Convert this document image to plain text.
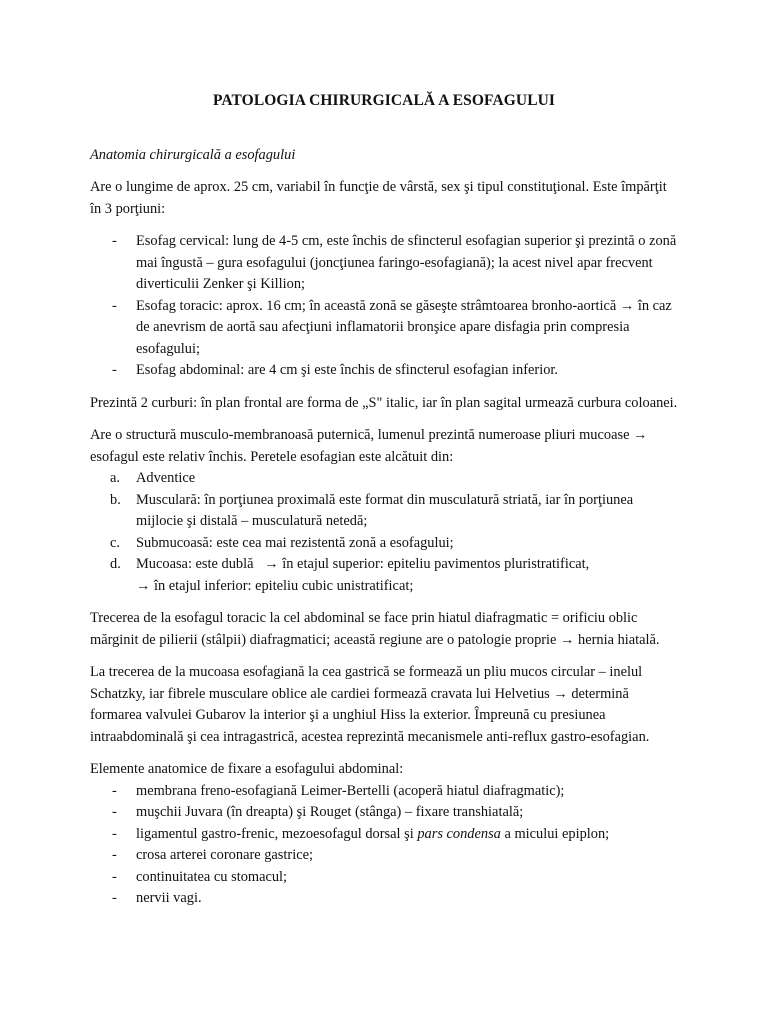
PATOLOGIA CHIRURGICALĂ A ESOFAGULUI
Anatomia chirurgicală a esofagului

Are o lungime de aprox. 25 cm, variabil în funcţie de vârstă, sex şi tipul constituţional. Este împărţit în 3 porţiuni:

- Esofag cervical: lung de 4-5 cm, este închis de sfincterul esofagian superior şi prezintă o zonă mai îngustă – gura esofagului (joncţiunea faringo-esofagiană); la acest nivel apar frecvent diverticulii Zenker şi Killion;
- Esofag toracic: aprox. 16 cm; în această zonă se găseşte strâmtoarea bronho-aortică → în caz de anevrism de aortă sau afecţiuni inflamatorii bronşice apare disfagia prin compresia esofagului;
- Esofag abdominal: are 4 cm şi este închis de sfincterul esofagian inferior.

Prezintă 2 curburi: în plan frontal are forma de „S" italic, iar în plan sagital urmează curbura coloanei.

Are o structură musculo-membranoasă puternică, lumenul prezintă numeroase pliuri mucoase → esofagul este relativ închis. Peretele esofagian este alcătuit din:

a. Adventice
b. Musculară: în porţiunea proximală este format din musculatură striată, iar în porţiunea mijlocie şi distală – musculatură netedă;
c. Submucoasă: este cea mai rezistentă zonă a esofagului;
d. Mucoasa: este dublă   → în etajul superior: epiteliu pavimentos pluristratificat,
→ în etajul inferior: epiteliu cubic unistratificat;

Trecerea de la esofagul toracic la cel abdominal se face prin hiatul diafragmatic = orificiu oblic mărginit de pilierii (stâlpii) diafragmatici; această regiune are o patologie proprie → hernia hiatală.

La trecerea de la mucoasa esofagiană la cea gastrică se formează un pliu mucos circular – inelul Schatzky, iar fibrele musculare oblice ale cardiei formează cravata lui Helvetius → determină formarea valvulei Gubarov la interior şi a unghiul Hiss la exterior. Împreună cu presiunea intraabdominală şi cea intragastrică, acestea reprezintă mecanismele anti-reflux gastro-esofagian.

Elemente anatomice de fixare a esofagului abdominal:

- membrana freno-esofagiană Leimer-Bertelli (acoperă hiatul diafragmatic);
- muşchii Juvara (în dreapta) şi Rouget (stânga) – fixare transhiatală;
- ligamentul gastro-frenic, mezoesofagul dorsal şi pars condensa a micului epiplon;
- crosa arterei coronare gastrice;
- continuitatea cu stomacul;
- nervii vagi.
